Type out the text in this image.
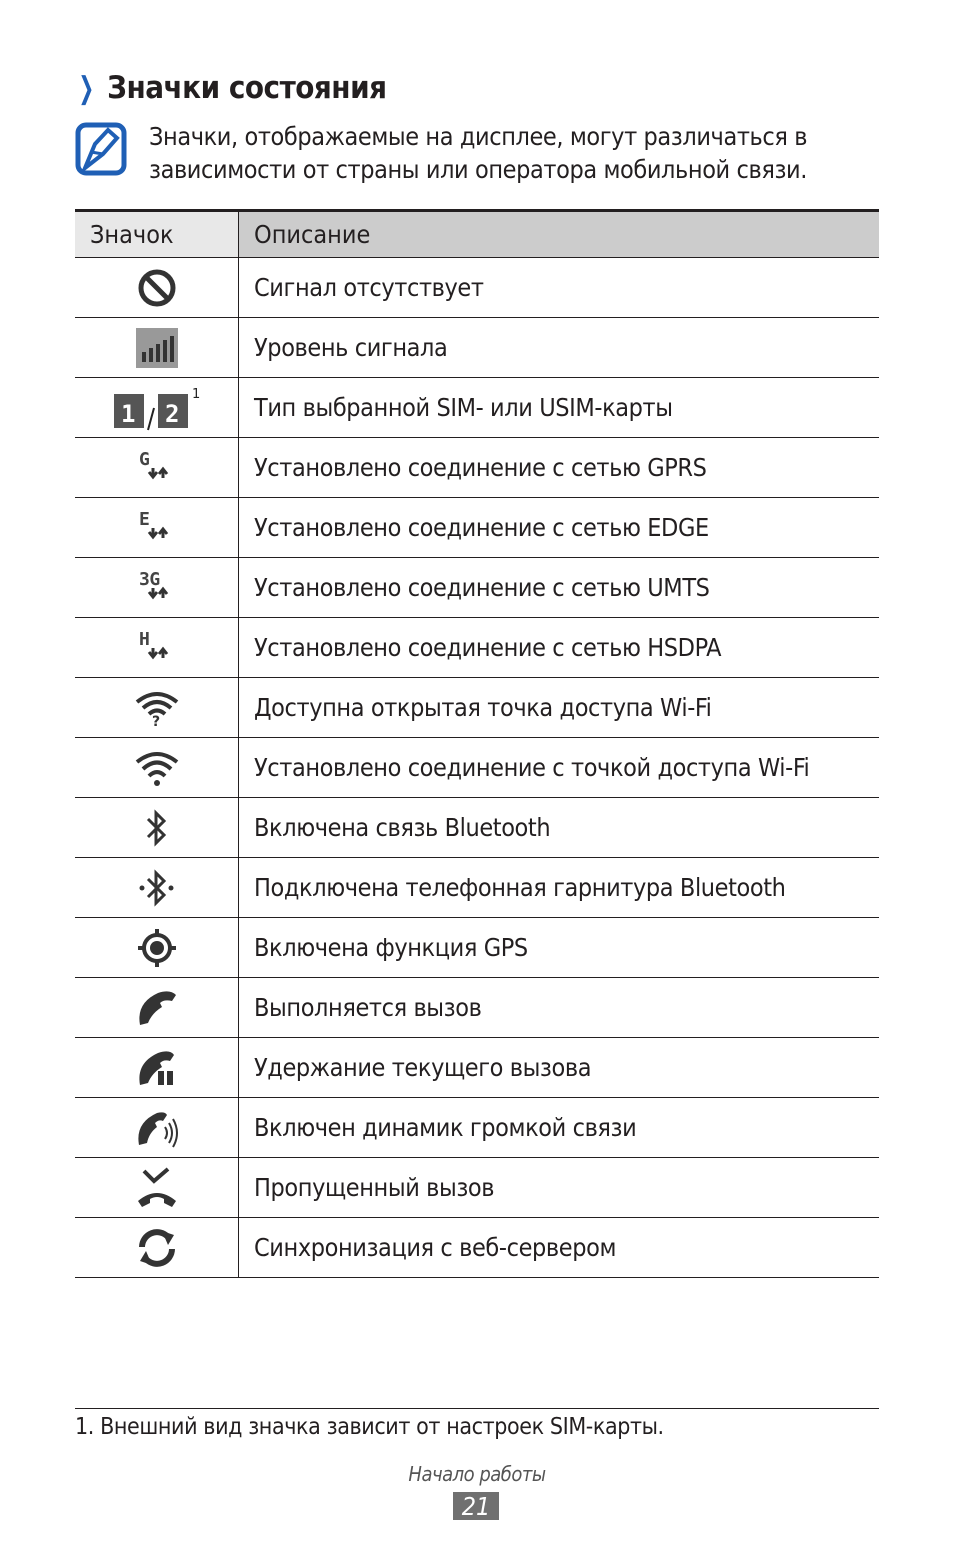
❯ Значки состояния
Значки, отображаемые на дисплее, могут различаться в
зависимости от страны или оператора мобильной связи.
Значок	Описание
	Сигнал отсутствует
	Уровень сигнала

1 2
1	Тип выбранной SIM- или USIM-карты

G	Установлено соединение с сетью GPRS

E	Установлено соединение с сетью EDGE

3G	Установлено соединение с сетью UMTS

H	Установлено соединение с сетью HSDPA

?	Доступна открытая точка доступа Wi-Fi
	Установлено соединение с точкой доступа Wi-Fi
	Включена связь Bluetooth
	Подключена телефонная гарнитура Bluetooth
	Включена функция GPS
	Выполняется вызов
	Удержание текущего вызова
	Включен динамик громкой связи
	Пропущенный вызов
	Синхронизация с веб-сервером
1. Внешний вид значка зависит от настроек SIM-карты.
Начало работы
21
